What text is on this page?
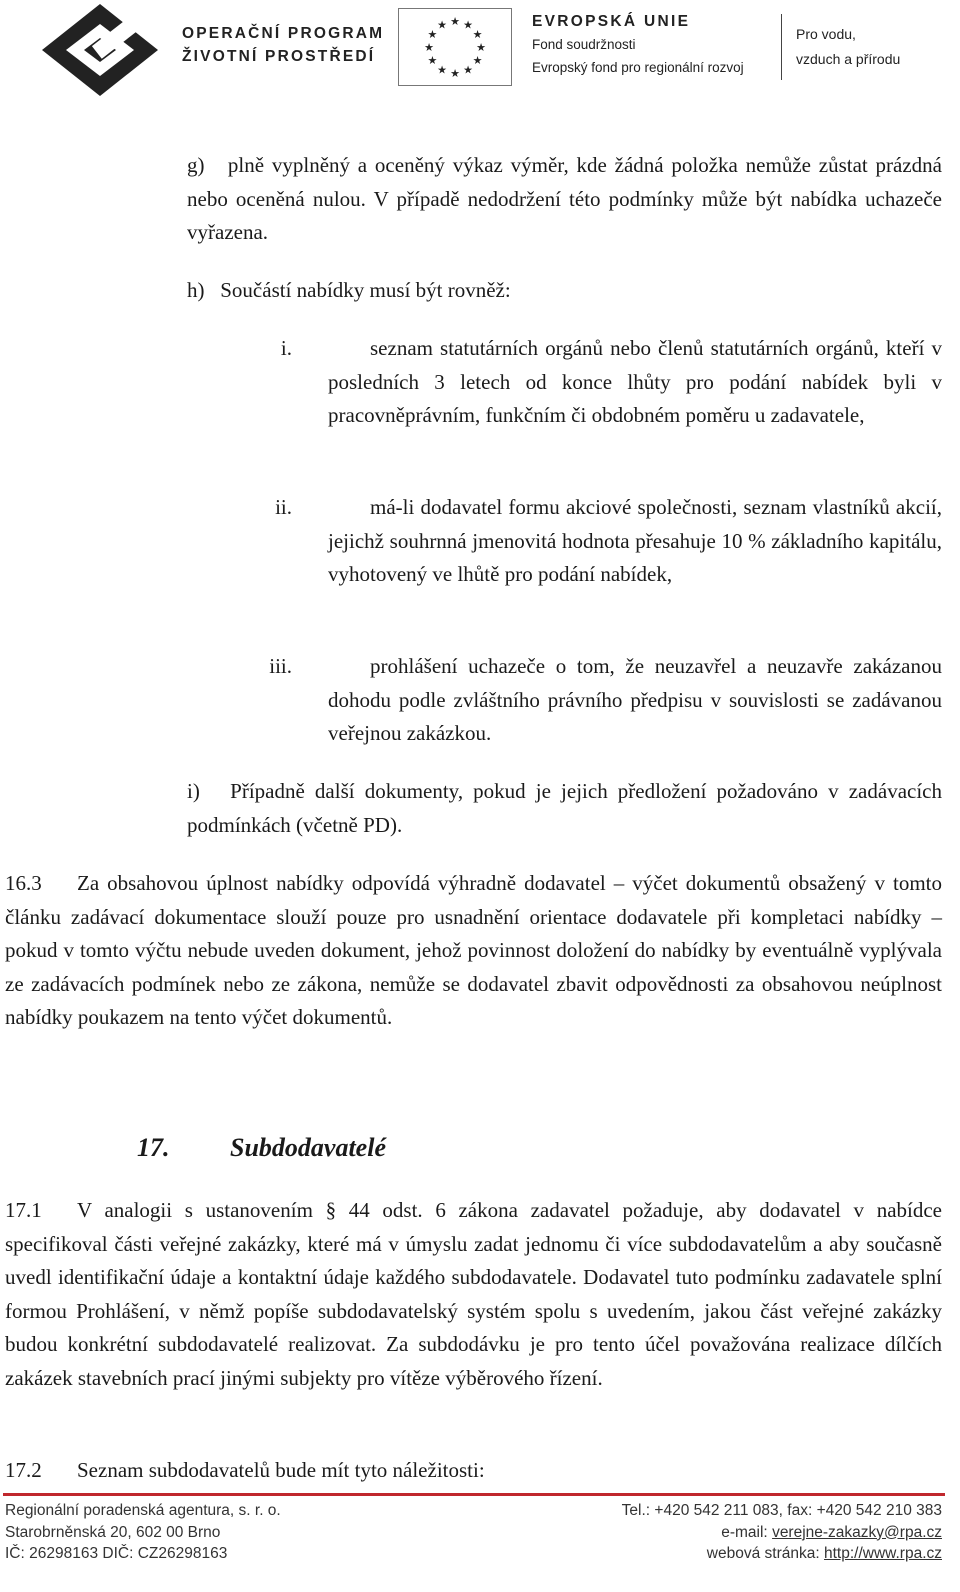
OPERAČNÍ PROGRAM
ŽIVOTNÍ PROSTŘEDÍ
★ ★
★
★
★
★
★
★
★
★
★
★	EVROPSKÁ UNIE
Fond soudržnosti
Evropský fond pro regionální rozvoj
Pro vodu,
vzduch a přírodu

g)   plně vyplněný a oceněný výkaz výměr, kde žádná položka nemůže zůstat prázdná nebo oceněná nulou. V případě nedodržení této podmínky může být nabídka uchazeče vyřazena.

h)   Součástí nabídky musí být rovněž:

i.	seznam statutárních orgánů nebo členů statutárních orgánů, kteří v posledních 3 letech od konce lhůty pro podání nabídek byli v pracovněprávním, funkčním či obdobném poměru u zadavatele,

ii.	má-li dodavatel formu akciové společnosti, seznam vlastníků akcií, jejichž souhrnná jmenovitá hodnota přesahuje 10 % základního kapitálu, vyhotovený ve lhůtě pro podání nabídek,

iii.	prohlášení uchazeče o tom, že neuzavřel a neuzavře zakázanou dohodu podle zvláštního právního předpisu v souvislosti se zadávanou veřejnou zakázkou.

i)   Případně další dokumenty, pokud je jejich předložení požadováno v zadávacích podmínkách (včetně PD).

16.3 Za obsahovou úplnost nabídky odpovídá výhradně dodavatel – výčet dokumentů obsažený v tomto článku zadávací dokumentace slouží pouze pro usnadnění orientace dodavatele při kompletaci nabídky – pokud v tomto výčtu nebude uveden dokument, jehož povinnost doložení do nabídky by eventuálně vyplývala ze zadávacích podmínek nebo ze zákona, nemůže se dodavatel zbavit odpovědnosti za obsahovou neúplnost nabídky poukazem na tento výčet dokumentů.

17. Subdodavatelé

17.1 V analogii s ustanovením § 44 odst. 6 zákona zadavatel požaduje, aby dodavatel v nabídce specifikoval části veřejné zakázky, které má v úmyslu zadat jednomu či více subdodavatelům a aby současně uvedl identifikační údaje a kontaktní údaje každého subdodavatele. Dodavatel tuto podmínku zadavatele splní formou Prohlášení, v němž popíše subdodavatelský systém spolu s uvedením, jakou část veřejné zakázky budou konkrétní subdodavatelé realizovat. Za subdodávku je pro tento účel považována realizace dílčích zakázek stavebních prací jinými subjekty pro vítěze výběrového řízení.

17.2 Seznam subdodavatelů bude mít tyto náležitosti:

Regionální poradenská agentura, s. r. o.
Starobrněnská 20, 602 00 Brno
IČ: 26298163 DIČ: CZ26298163
Tel.: +420 542 211 083, fax: +420 542 210 383
e-mail: verejne-zakazky@rpa.cz
webová stránka: http://www.rpa.cz
